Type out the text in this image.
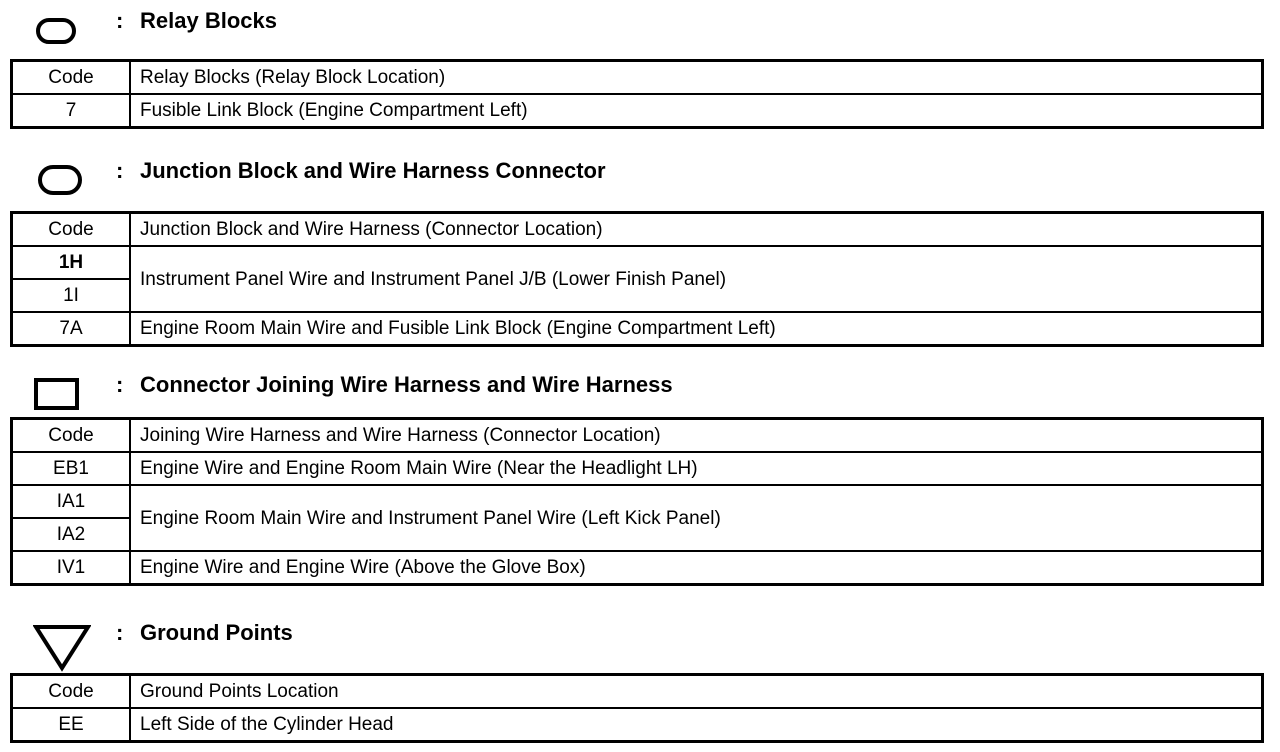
: Relay Blocks
Code	Relay Blocks (Relay Block Location)
7	Fusible Link Block (Engine Compartment Left)
: Junction Block and Wire Harness Connector
Code	Junction Block and Wire Harness (Connector Location)
1H	Instrument Panel Wire and Instrument Panel J/B (Lower Finish Panel)
1I	
7A	Engine Room Main Wire and Fusible Link Block (Engine Compartment Left)
: Connector Joining Wire Harness and Wire Harness
Code	Joining Wire Harness and Wire Harness (Connector Location)
EB1	Engine Wire and Engine Room Main Wire (Near the Headlight LH)
IA1	Engine Room Main Wire and Instrument Panel Wire (Left Kick Panel)
IA2	
IV1	Engine Wire and Engine Wire (Above the Glove Box)
: Ground Points
Code	Ground Points Location
EE	Left Side of the Cylinder Head
